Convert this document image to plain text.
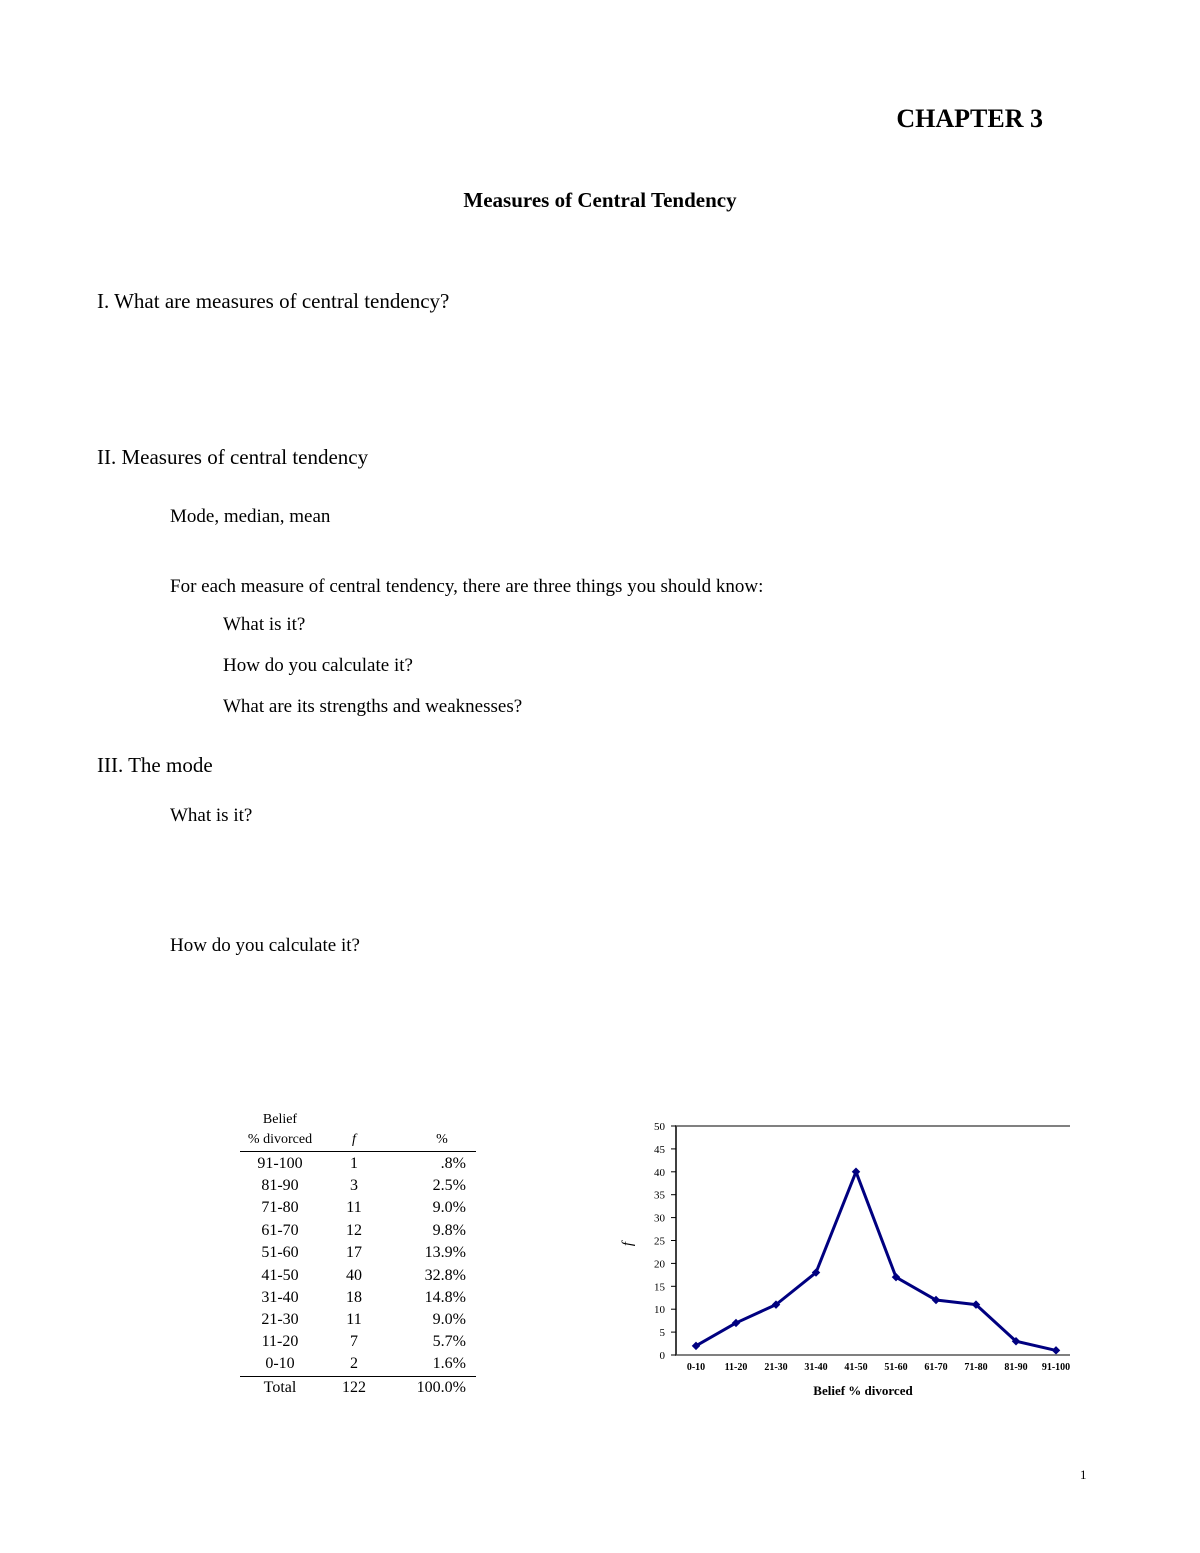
CHAPTER 3
Measures of Central Tendency
I. What are measures of central tendency?
II. Measures of central tendency
Mode, median, mean
For each measure of central tendency, there are three things you should know:
What is it?
How do you calculate it?
What are its strengths and weaknesses?
III. The mode
What is it?
How do you calculate it?
Belief
% divorced	f	%
91-100	1	.8%
81-90	3	2.5%
71-80	11	9.0%
61-70	12	9.8%
51-60	17	13.9%
41-50	40	32.8%
31-40	18	14.8%
21-30	11	9.0%
11-20	7	5.7%
0-10	2	1.6%
Total	122	100.0%
0
5
10
15
20
25
30
35
40
45
50
0-10 11-20 21-30 31-40 41-50 51-60 61-70 71-80 81-90 91-100
f
Belief % divorced
1
